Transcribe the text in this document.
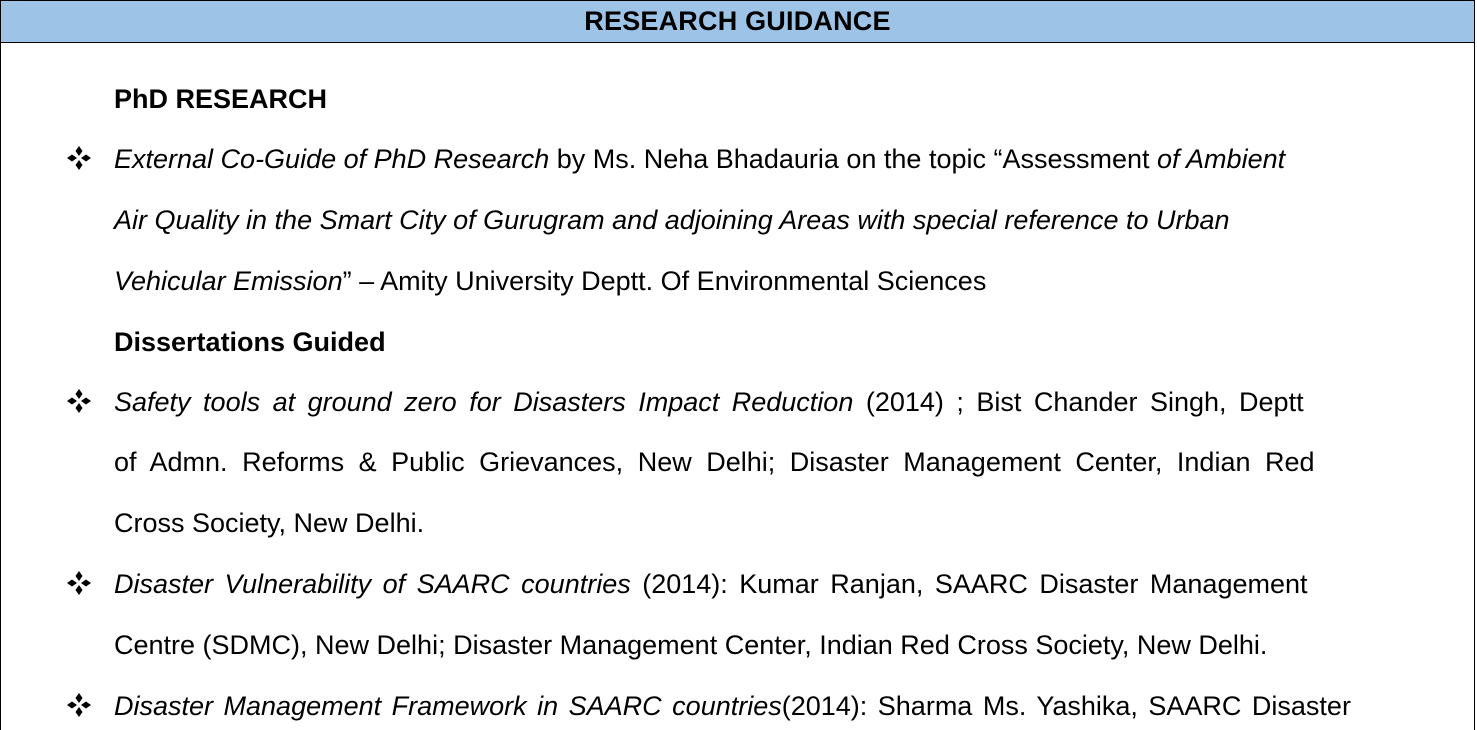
RESEARCH GUIDANCE
PhD RESEARCH
External Co-Guide of PhD Research by Ms. Neha Bhadauria on the topic “Assessment of Ambient
Air Quality in the Smart City of Gurugram and adjoining Areas with special reference to Urban
Vehicular Emission” – Amity University Deptt. Of Environmental Sciences
Dissertations Guided
Safety tools at ground zero for Disasters Impact Reduction (2014) ; Bist Chander Singh, Deptt
of Admn. Reforms & Public Grievances, New Delhi; Disaster Management Center, Indian Red
Cross Society, New Delhi.
Disaster Vulnerability of SAARC countries (2014): Kumar Ranjan, SAARC Disaster Management
Centre (SDMC), New Delhi; Disaster Management Center, Indian Red Cross Society, New Delhi.
Disaster Management Framework in SAARC countries(2014): Sharma Ms. Yashika, SAARC Disaster
